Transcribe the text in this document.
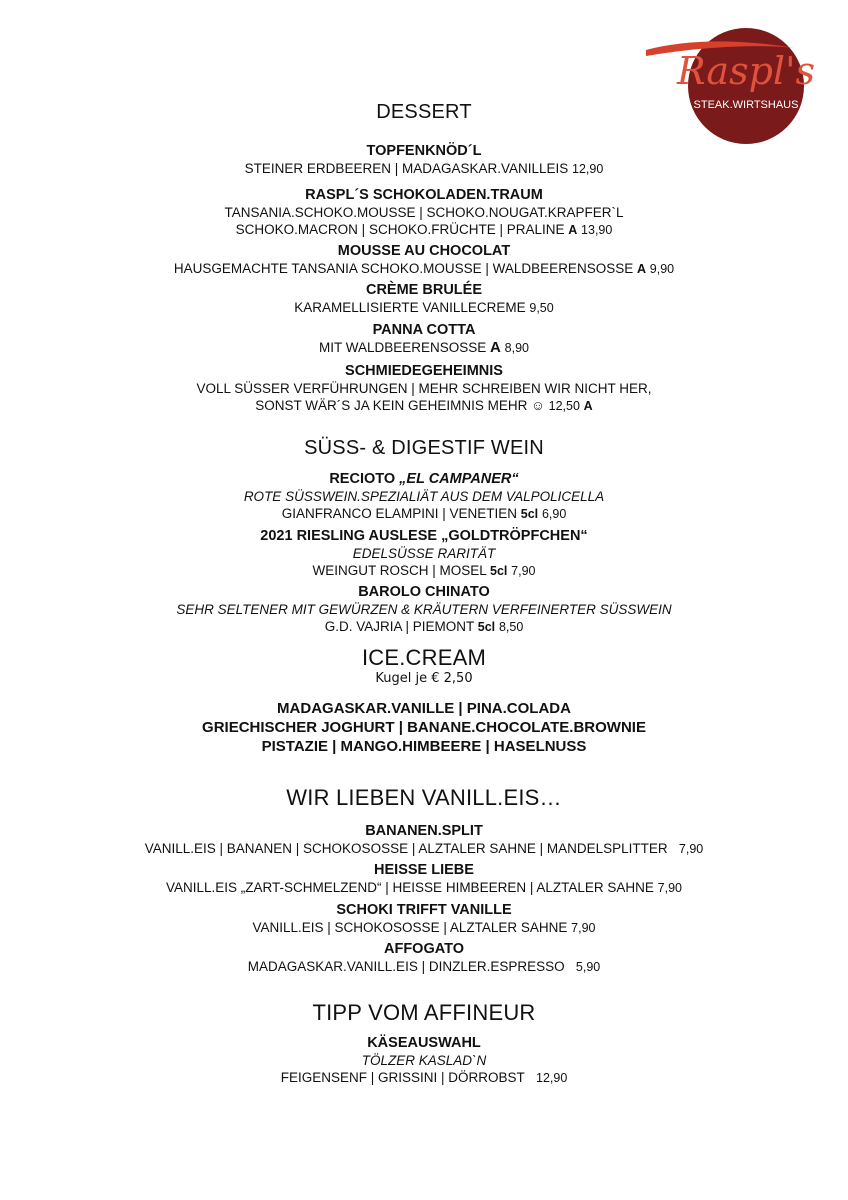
Raspl's
STEAK.WIRTSHAUS
DESSERT

TOPFENKNÖD´L

STEINER ERDBEEREN | MADAGASKAR.VANILLEIS 12,90

RASPL´S SCHOKOLADEN.TRAUM

TANSANIA.SCHOKO.MOUSSE | SCHOKO.NOUGAT.KRAPFER`L

SCHOKO.MACRON | SCHOKO.FRÜCHTE | PRALINE A 13,90

MOUSSE AU CHOCOLAT

HAUSGEMACHTE TANSANIA SCHOKO.MOUSSE | WALDBEERENSOSSE A 9,90

CRÈME BRULÉE

KARAMELLISIERTE VANILLECREME 9,50

PANNA COTTA

MIT WALDBEERENSOSSE A 8,90

SCHMIEDEGEHEIMNIS

VOLL SÜSSER VERFÜHRUNGEN | MEHR SCHREIBEN WIR NICHT HER,

SONST WÄR´S JA KEIN GEHEIMNIS MEHR ☺ 12,50 A

SÜSS- & DIGESTIF WEIN

RECIOTO „EL CAMPANER“

ROTE SÜSSWEIN.SPEZIALIÄT AUS DEM VALPOLICELLA

GIANFRANCO ELAMPINI | VENETIEN 5cl 6,90

2021 RIESLING AUSLESE „GOLDTRÖPFCHEN“

EDELSÜSSE RARITÄT

WEINGUT ROSCH | MOSEL 5cl 7,90

BAROLO CHINATO

SEHR SELTENER MIT GEWÜRZEN & KRÄUTERN VERFEINERTER SÜSSWEIN

G.D. VAJRIA | PIEMONT 5cl 8,50

ICE.CREAM

Kugel je € 2,50

MADAGASKAR.VANILLE | PINA.COLADA

GRIECHISCHER JOGHURT | BANANE.CHOCOLATE.BROWNIE

PISTAZIE | MANGO.HIMBEERE | HASELNUSS

WIR LIEBEN VANILL.EIS…

BANANEN.SPLIT

VANILL.EIS | BANANEN | SCHOKOSOSSE | ALZTALER SAHNE | MANDELSPLITTER 7,90

HEISSE LIEBE

VANILL.EIS „ZART-SCHMELZEND“ | HEISSE HIMBEEREN | ALZTALER SAHNE 7,90

SCHOKI TRIFFT VANILLE

VANILL.EIS | SCHOKOSOSSE | ALZTALER SAHNE 7,90

AFFOGATO

MADAGASKAR.VANILL.EIS | DINZLER.ESPRESSO 5,90

TIPP VOM AFFINEUR

KÄSEAUSWAHL

TÖLZER KASLAD`N

FEIGENSENF | GRISSINI | DÖRROBST 12,90
